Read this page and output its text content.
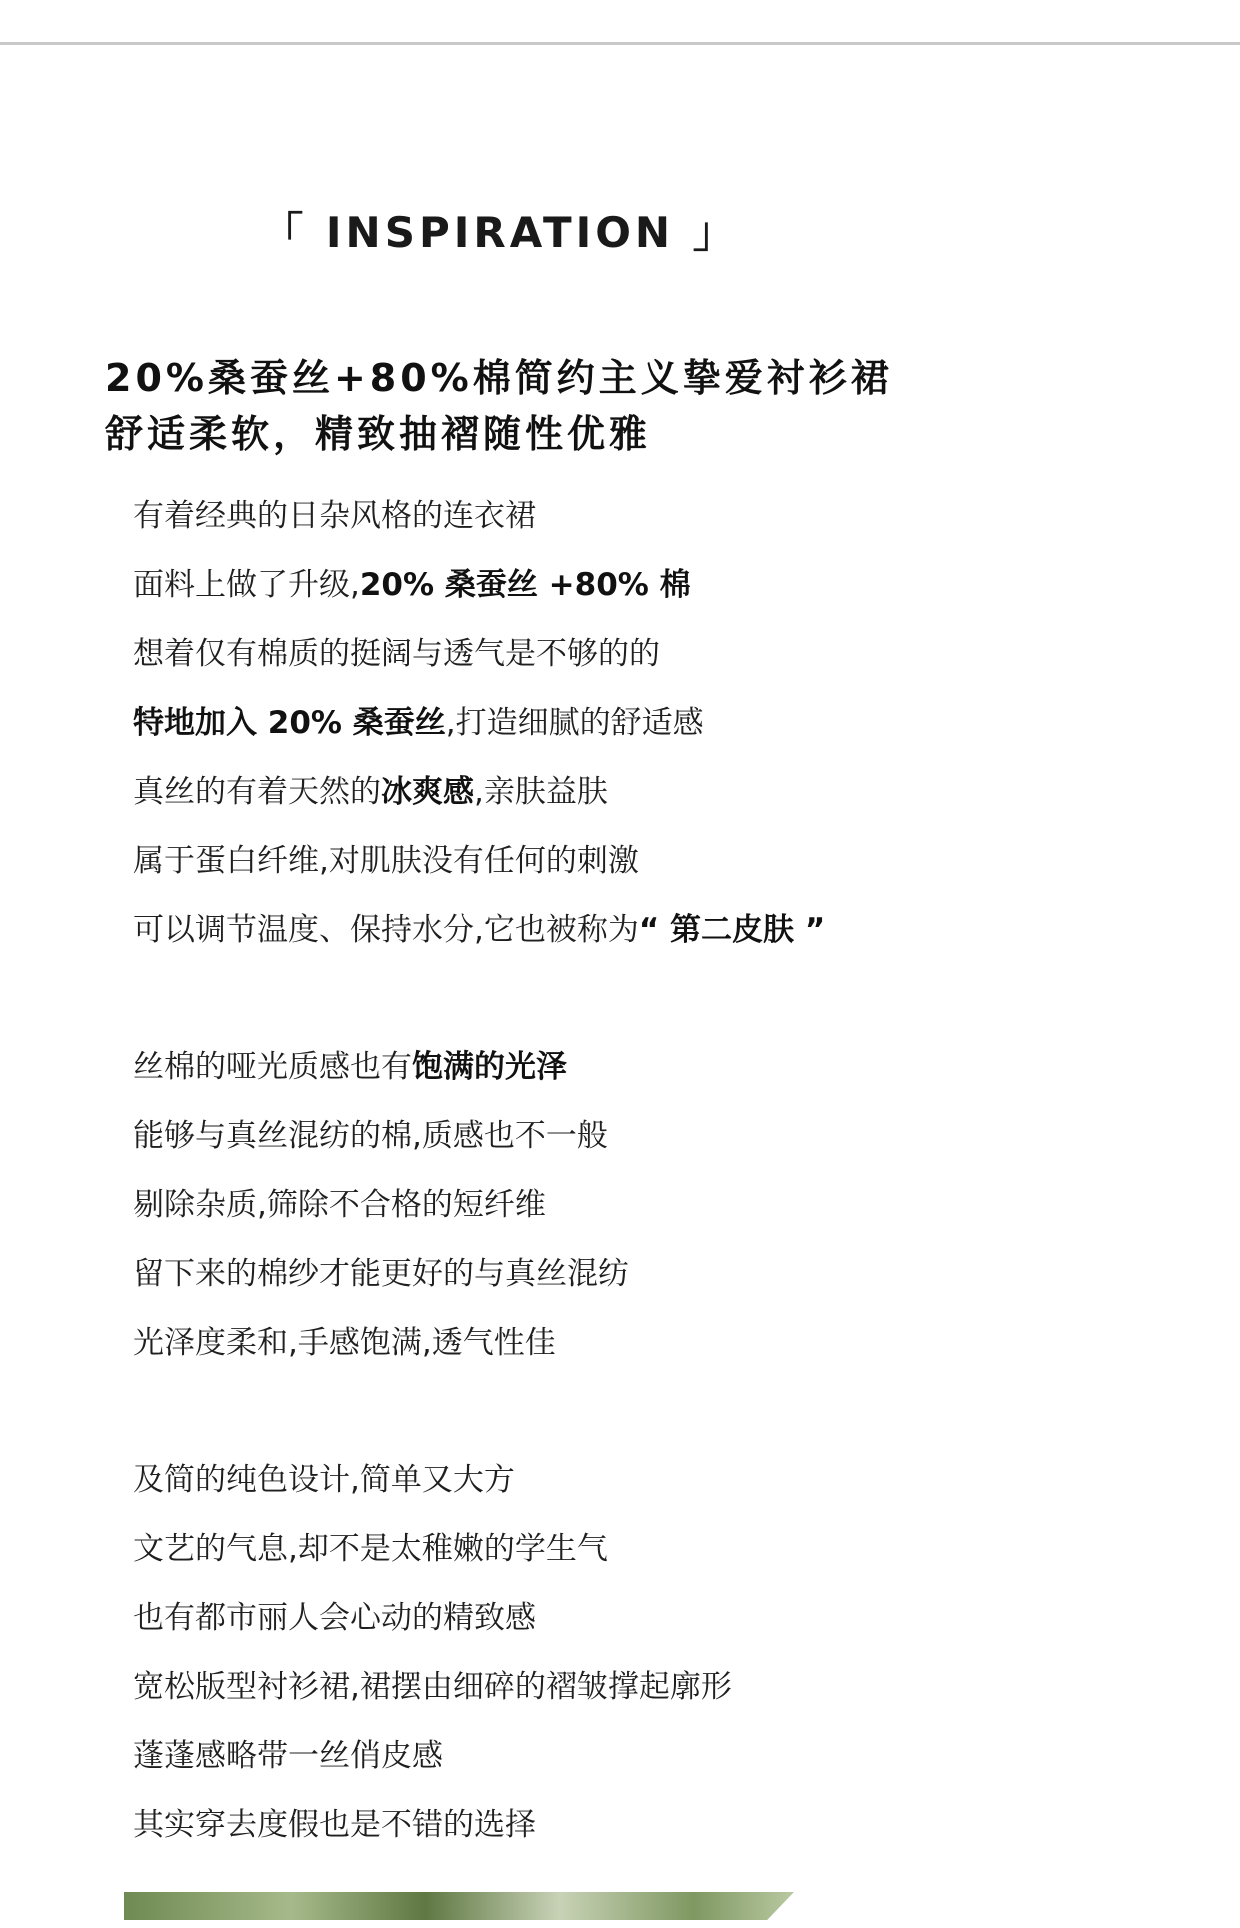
「 INSPIRATION 」
20%桑蚕丝+80%棉简约主义挚爱衬衫裙
舒适柔软，精致抽褶随性优雅
有着经典的日杂风格的连衣裙
面料上做了升级,20% 桑蚕丝 +80% 棉
想着仅有棉质的挺阔与透气是不够的的
特地加入 20% 桑蚕丝,打造细腻的舒适感
真丝的有着天然的冰爽感,亲肤益肤
属于蛋白纤维,对肌肤没有任何的刺激
可以调节温度、保持水分,它也被称为“ 第二皮肤 ”
丝棉的哑光质感也有饱满的光泽
能够与真丝混纺的棉,质感也不一般
剔除杂质,筛除不合格的短纤维
留下来的棉纱才能更好的与真丝混纺
光泽度柔和,手感饱满,透气性佳
及简的纯色设计,简单又大方
文艺的气息,却不是太稚嫩的学生气
也有都市丽人会心动的精致感
宽松版型衬衫裙,裙摆由细碎的褶皱撑起廓形
蓬蓬感略带一丝俏皮感
其实穿去度假也是不错的选择
